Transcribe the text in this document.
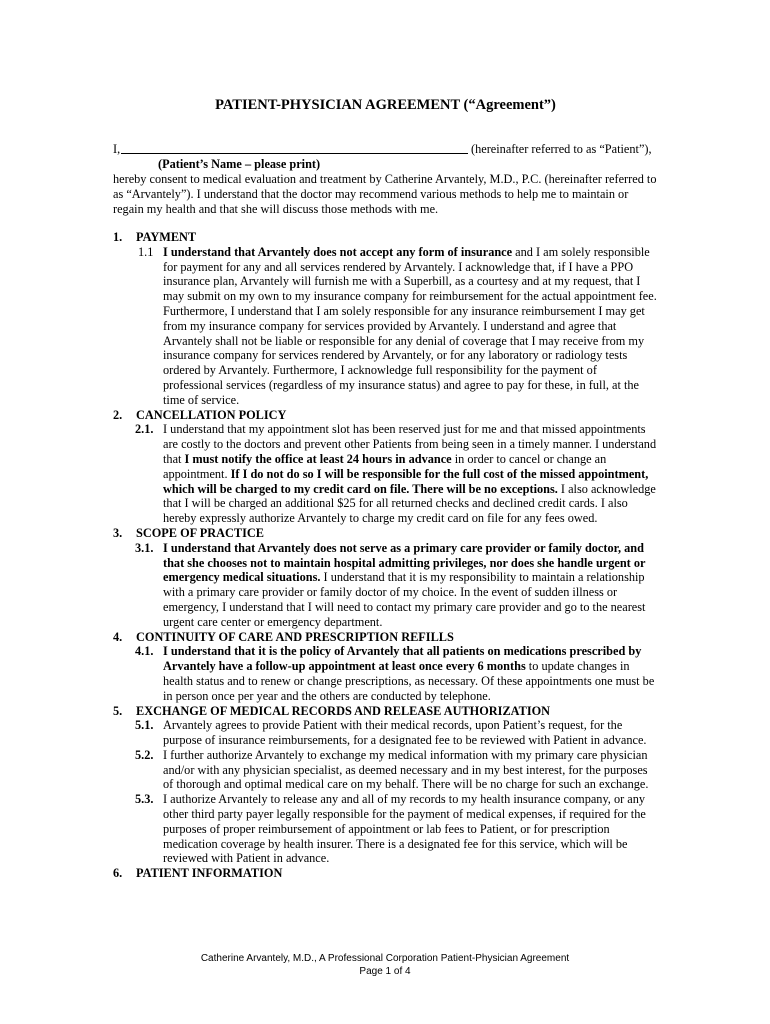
PATIENT-PHYSICIAN AGREEMENT (“Agreement”)
I,	(hereinafter referred to as “Patient”),
(Patient’s Name – please print)
hereby consent to medical evaluation and treatment by Catherine Arvantely, M.D., P.C. (hereinafter referred to as “Arvantely”). I understand that the doctor may recommend various methods to help me to maintain or regain my health and that she will discuss those methods with me.
1. PAYMENT
1.1 I understand that Arvantely does not accept any form of insurance and I am solely responsible for payment for any and all services rendered by Arvantely. I acknowledge that, if I have a PPO insurance plan, Arvantely will furnish me with a Superbill, as a courtesy and at my request, that I may submit on my own to my insurance company for reimbursement for the actual appointment fee. Furthermore, I understand that I am solely responsible for any insurance reimbursement I may get from my insurance company for services provided by Arvantely. I understand and agree that Arvantely shall not be liable or responsible for any denial of coverage that I may receive from my insurance company for services rendered by Arvantely, or for any laboratory or radiology tests ordered by Arvantely. Furthermore, I acknowledge full responsibility for the payment of professional services (regardless of my insurance status) and agree to pay for these, in full, at the time of service.
2. CANCELLATION POLICY
2.1. I understand that my appointment slot has been reserved just for me and that missed appointments are costly to the doctors and prevent other Patients from being seen in a timely manner. I understand that I must notify the office at least 24 hours in advance in order to cancel or change an appointment. If I do not do so I will be responsible for the full cost of the missed appointment, which will be charged to my credit card on file. There will be no exceptions. I also acknowledge that I will be charged an additional $25 for all returned checks and declined credit cards. I also hereby expressly authorize Arvantely to charge my credit card on file for any fees owed.
3. SCOPE OF PRACTICE
3.1. I understand that Arvantely does not serve as a primary care provider or family doctor, and that she chooses not to maintain hospital admitting privileges, nor does she handle urgent or emergency medical situations. I understand that it is my responsibility to maintain a relationship with a primary care provider or family doctor of my choice. In the event of sudden illness or emergency, I understand that I will need to contact my primary care provider and go to the nearest urgent care center or emergency department.
4. CONTINUITY OF CARE AND PRESCRIPTION REFILLS
4.1. I understand that it is the policy of Arvantely that all patients on medications prescribed by Arvantely have a follow-up appointment at least once every 6 months to update changes in health status and to renew or change prescriptions, as necessary. Of these appointments one must be in person once per year and the others are conducted by telephone.
5. EXCHANGE OF MEDICAL RECORDS AND RELEASE AUTHORIZATION
5.1. Arvantely agrees to provide Patient with their medical records, upon Patient’s request, for the purpose of insurance reimbursements, for a designated fee to be reviewed with Patient in advance.
5.2. I further authorize Arvantely to exchange my medical information with my primary care physician and/or with any physician specialist, as deemed necessary and in my best interest, for the purposes of thorough and optimal medical care on my behalf. There will be no charge for such an exchange.
5.3. I authorize Arvantely to release any and all of my records to my health insurance company, or any other third party payer legally responsible for the payment of medical expenses, if required for the purposes of proper reimbursement of appointment or lab fees to Patient, or for prescription medication coverage by health insurer. There is a designated fee for this service, which will be reviewed with Patient in advance.
6. PATIENT INFORMATION
Catherine Arvantely, M.D., A Professional Corporation Patient-Physician Agreement
Page 1 of 4
